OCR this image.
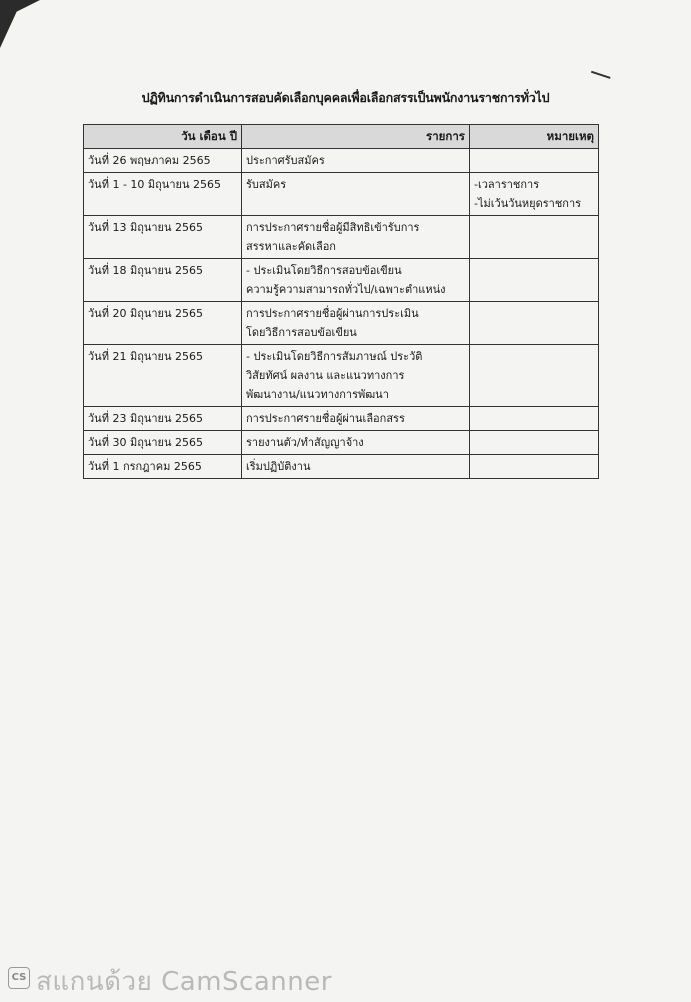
ปฏิทินการดำเนินการสอบคัดเลือกบุคคลเพื่อเลือกสรรเป็นพนักงานราชการทั่วไป
วัน เดือน ปี	รายการ	หมายเหตุ
วันที่ 26 พฤษภาคม 2565	ประกาศรับสมัคร	
วันที่ 1 - 10 มิถุนายน 2565	รับสมัคร	-เวลาราชการ
-ไม่เว้นวันหยุดราชการ
วันที่ 13 มิถุนายน 2565	การประกาศรายชื่อผู้มีสิทธิเข้ารับการ
สรรหาและคัดเลือก	
วันที่ 18 มิถุนายน 2565	- ประเมินโดยวิธีการสอบข้อเขียน
ความรู้ความสามารถทั่วไป/เฉพาะตำแหน่ง	
วันที่ 20 มิถุนายน 2565	การประกาศรายชื่อผู้ผ่านการประเมิน
โดยวิธีการสอบข้อเขียน	
วันที่ 21 มิถุนายน 2565	- ประเมินโดยวิธีการสัมภาษณ์ ประวัติ
วิสัยทัศน์ ผลงาน และแนวทางการ
พัฒนางาน/แนวทางการพัฒนา	
วันที่ 23 มิถุนายน 2565	การประกาศรายชื่อผู้ผ่านเลือกสรร	
วันที่ 30 มิถุนายน 2565	รายงานตัว/ทำสัญญาจ้าง	
วันที่ 1 กรกฎาคม 2565	เริ่มปฏิบัติงาน	
CS สแกนด้วย CamScanner
